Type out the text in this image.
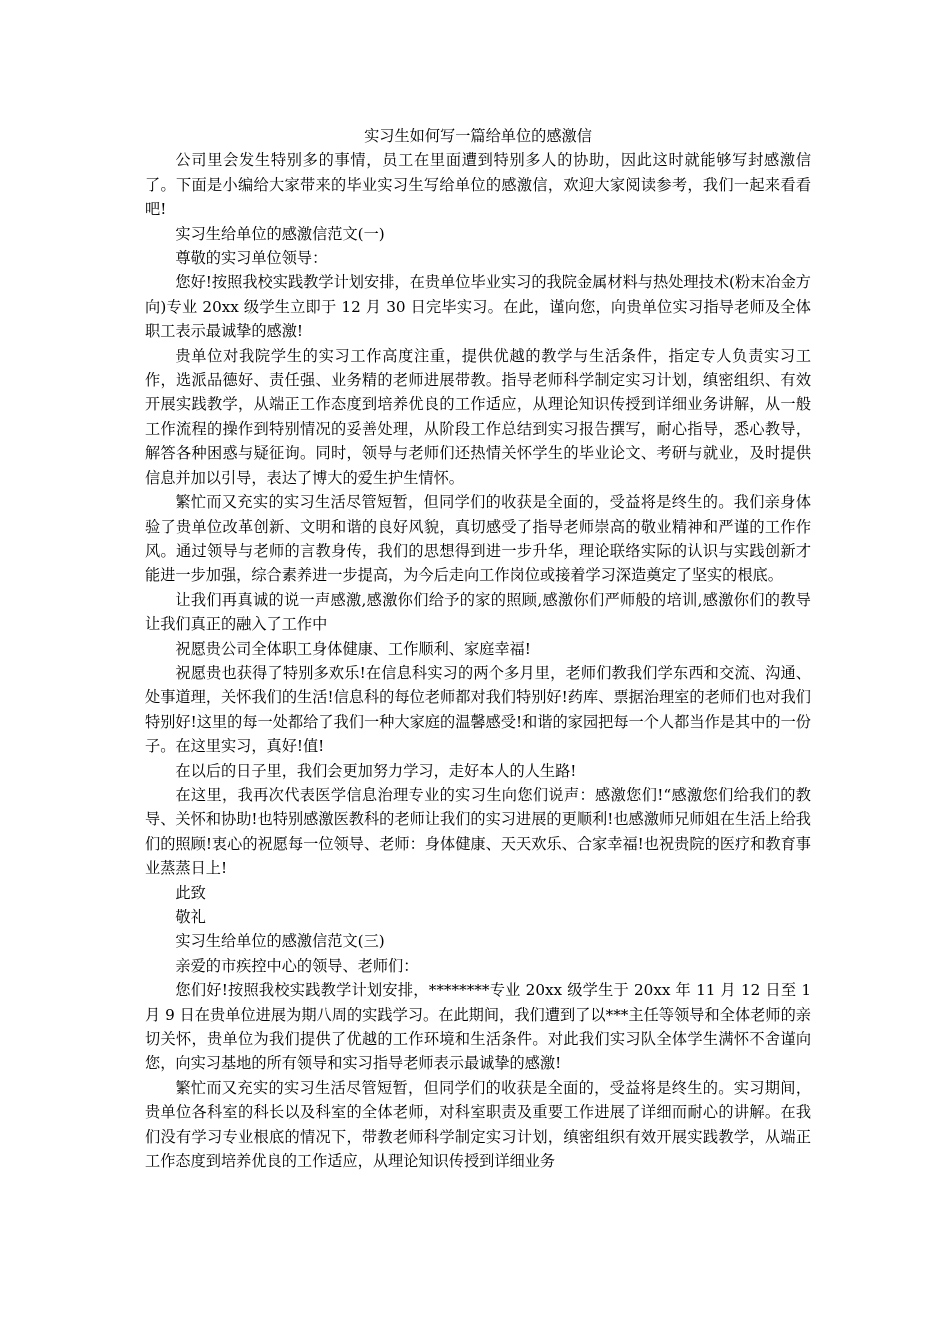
实习生如何写一篇给单位的感激信

公司里会发生特别多的事情，员工在里面遭到特别多人的协助，因此这时就能够写封感激信了。下面是小编给大家带来的毕业实习生写给单位的感激信，欢迎大家阅读参考，我们一起来看看吧!

实习生给单位的感激信范文(一)

尊敬的实习单位领导：

您好!按照我校实践教学计划安排，在贵单位毕业实习的我院金属材料与热处理技术(粉末冶金方向)专业 20xx 级学生立即于 12 月 30 日完毕实习。在此，谨向您，向贵单位实习指导老师及全体职工表示最诚挚的感激!

贵单位对我院学生的实习工作高度注重，提供优越的教学与生活条件，指定专人负责实习工作，选派品德好、责任强、业务精的老师进展带教。指导老师科学制定实习计划，缜密组织、有效开展实践教学，从端正工作态度到培养优良的工作适应，从理论知识传授到详细业务讲解，从一般工作流程的操作到特别情况的妥善处理，从阶段工作总结到实习报告撰写，耐心指导，悉心教导，解答各种困惑与疑征询。同时，领导与老师们还热情关怀学生的毕业论文、考研与就业，及时提供信息并加以引导，表达了博大的爱生护生情怀。

繁忙而又充实的实习生活尽管短暂，但同学们的收获是全面的，受益将是终生的。我们亲身体验了贵单位改革创新、文明和谐的良好风貌，真切感受了指导老师崇高的敬业精神和严谨的工作作风。通过领导与老师的言教身传，我们的思想得到进一步升华，理论联络实际的认识与实践创新才能进一步加强，综合素养进一步提高，为今后走向工作岗位或接着学习深造奠定了坚实的根底。

让我们再真诚的说一声感激,感激你们给予的家的照顾,感激你们严师般的培训,感激你们的教导让我们真正的融入了工作中

祝愿贵公司全体职工身体健康、工作顺利、家庭幸福!

祝愿贵也获得了特别多欢乐!在信息科实习的两个多月里，老师们教我们学东西和交流、沟通、处事道理，关怀我们的生活!信息科的每位老师都对我们特别好!药库、票据治理室的老师们也对我们特别好!这里的每一处都给了我们一种大家庭的温馨感受!和谐的家园把每一个人都当作是其中的一份子。在这里实习，真好!值!

在以后的日子里，我们会更加努力学习，走好本人的人生路!

在这里，我再次代表医学信息治理专业的实习生向您们说声：感激您们!“感激您们给我们的教导、关怀和协助!也特别感激医教科的老师让我们的实习进展的更顺利!也感激师兄师姐在生活上给我们的照顾!衷心的祝愿每一位领导、老师：身体健康、天天欢乐、合家幸福!也祝贵院的医疗和教育事业蒸蒸日上!

此致

敬礼

实习生给单位的感激信范文(三)

亲爱的市疾控中心的领导、老师们：

您们好!按照我校实践教学计划安排，********专业 20xx 级学生于 20xx 年 11 月 12 日至 1 月 9 日在贵单位进展为期八周的实践学习。在此期间，我们遭到了以***主任等领导和全体老师的亲切关怀，贵单位为我们提供了优越的工作环境和生活条件。对此我们实习队全体学生满怀不舍谨向您，向实习基地的所有领导和实习指导老师表示最诚挚的感激!

繁忙而又充实的实习生活尽管短暂，但同学们的收获是全面的，受益将是终生的。实习期间，贵单位各科室的科长以及科室的全体老师，对科室职责及重要工作进展了详细而耐心的讲解。在我们没有学习专业根底的情况下，带教老师科学制定实习计划，缜密组织有效开展实践教学，从端正工作态度到培养优良的工作适应，从理论知识传授到详细业务
